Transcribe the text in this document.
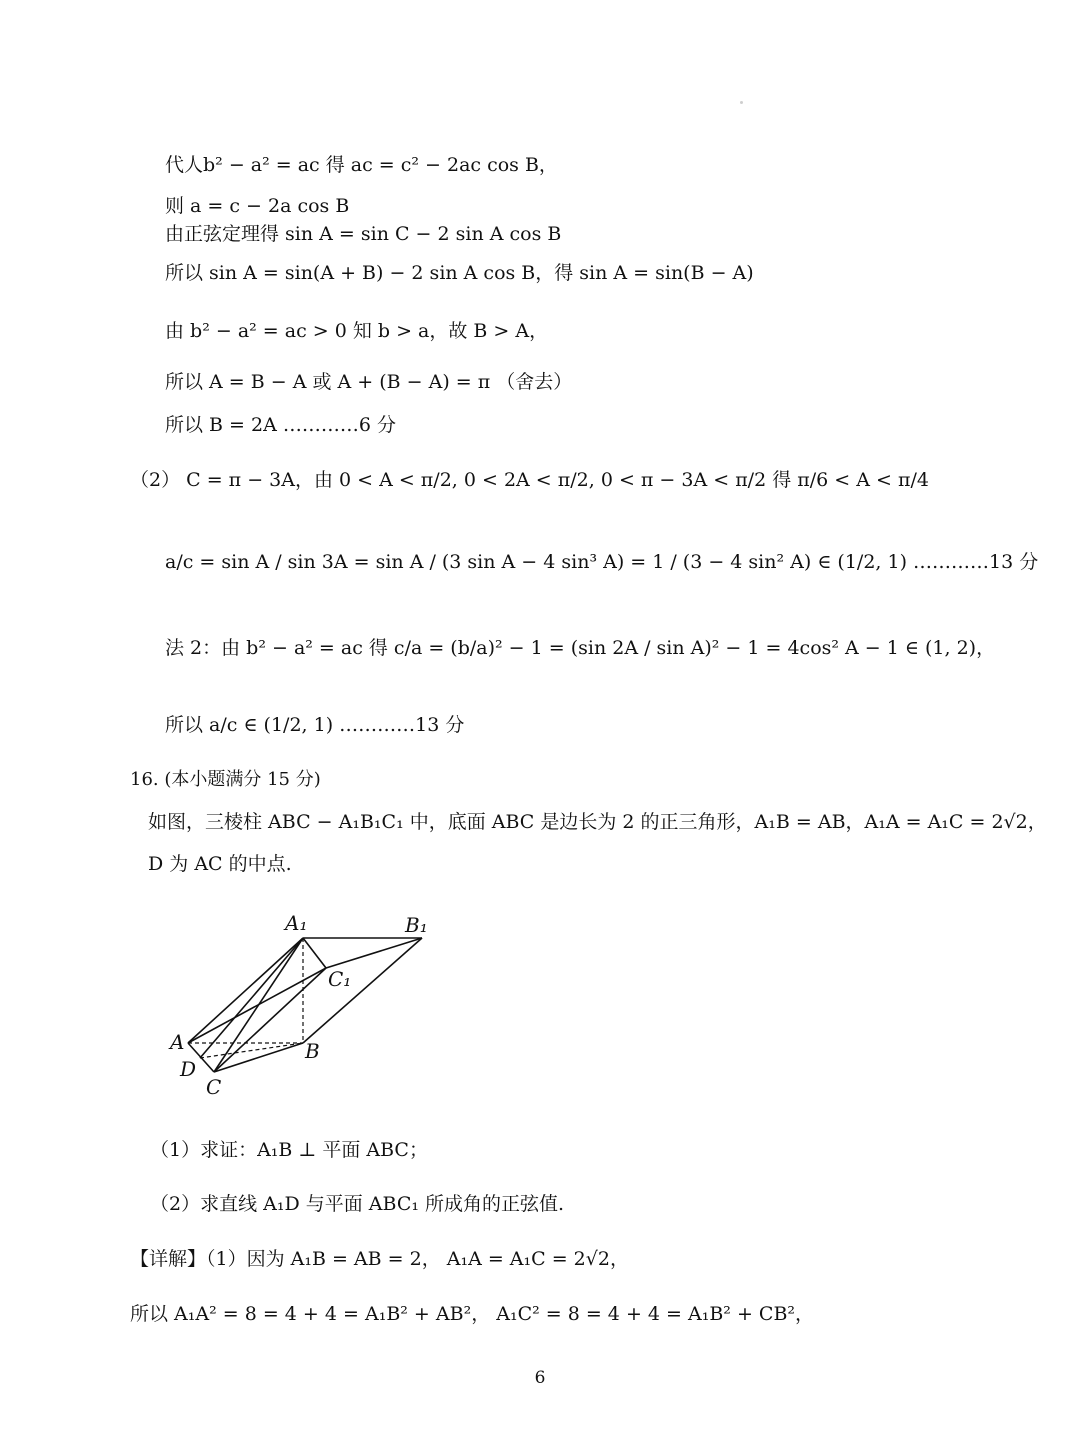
代人b² − a² = ac 得 ac = c² − 2ac cos B，
则 a = c − 2a cos B
由正弦定理得 sin A = sin C − 2 sin A cos B
所以 sin A = sin(A + B) − 2 sin A cos B，得 sin A = sin(B − A)
由 b² − a² = ac > 0 知 b > a，故 B > A，
所以 A = B − A 或 A + (B − A) = π （舍去）
所以 B = 2A …………6 分
（2） C = π − 3A，由 0 < A < π/2, 0 < 2A < π/2, 0 < π − 3A < π/2 得 π/6 < A < π/4
a/c = sin A / sin 3A = sin A / (3 sin A − 4 sin³ A) = 1 / (3 − 4 sin² A) ∈ (1/2, 1) …………13 分
法 2：由 b² − a² = ac 得 c/a = (b/a)² − 1 = (sin 2A / sin A)² − 1 = 4cos² A − 1 ∈ (1, 2)，
所以 a/c ∈ (1/2, 1) …………13 分
16. (本小题满分 15 分)
如图，三棱柱 ABC − A₁B₁C₁ 中，底面 ABC 是边长为 2 的正三角形，A₁B = AB，A₁A = A₁C = 2√2，
D 为 AC 的中点.
A₁	B₁
C₁
A	B
D
C
（1）求证：A₁B ⊥ 平面 ABC；
（2）求直线 A₁D 与平面 ABC₁ 所成角的正弦值.
【详解】（1）因为 A₁B = AB = 2， A₁A = A₁C = 2√2，
所以 A₁A² = 8 = 4 + 4 = A₁B² + AB²， A₁C² = 8 = 4 + 4 = A₁B² + CB²，
6
